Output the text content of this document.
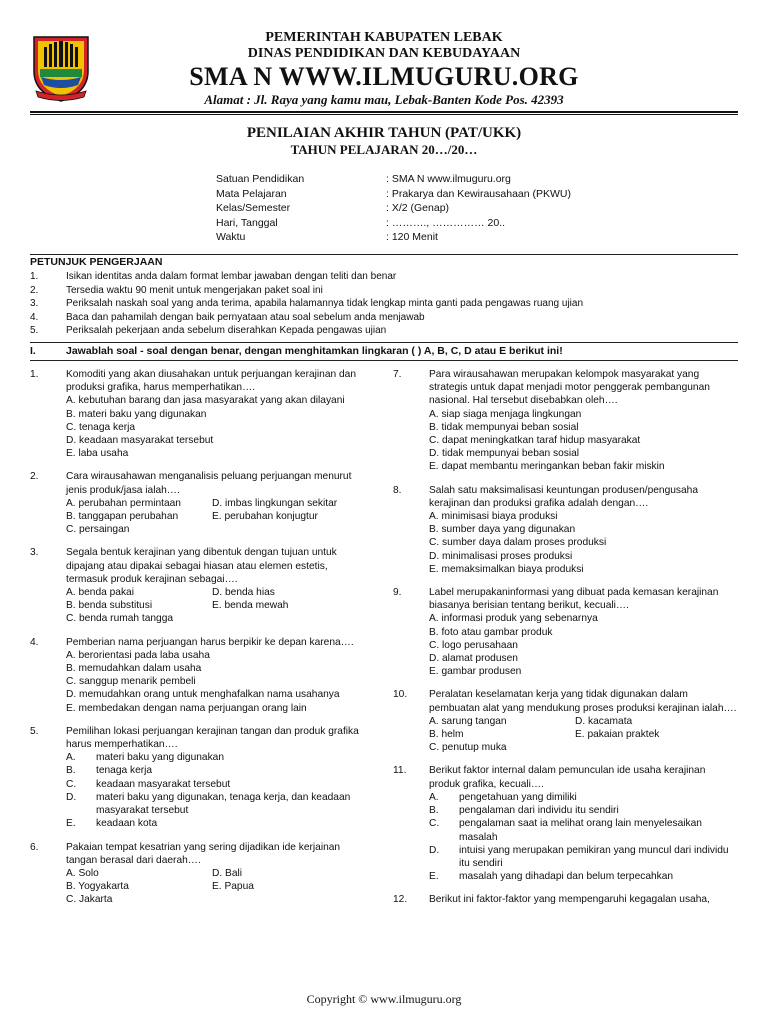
PEMERINTAH KABUPATEN LEBAK
DINAS PENDIDIKAN DAN KEBUDAYAAN
SMA N WWW.ILMUGURU.ORG
Alamat : Jl. Raya yang kamu mau, Lebak-Banten Kode Pos. 42393
PENILAIAN AKHIR TAHUN (PAT/UKK)
TAHUN PELAJARAN 20…/20…
Satuan Pendidikan	: SMA N www.ilmuguru.org
Mata Pelajaran	: Prakarya dan Kewirausahaan (PKWU)
Kelas/Semester	: X/2 (Genap)
Hari, Tanggal	: ………., …………… 20..
Waktu	: 120 Menit
PETUNJUK PENGERJAAN
1.	Isikan identitas anda dalam format lembar jawaban dengan teliti dan benar
2.	Tersedia waktu 90 menit untuk mengerjakan paket soal ini
3.	Periksalah naskah soal yang anda terima, apabila halamannya tidak lengkap minta ganti pada pengawas ruang ujian
4.	Baca dan pahamilah dengan baik pernyataan atau soal sebelum anda menjawab
5.	Periksalah pekerjaan anda sebelum diserahkan Kepada pengawas ujian
I.	Jawablah soal - soal dengan benar, dengan menghitamkan lingkaran ( ) A, B, C, D atau E berikut ini!
1.	Komoditi yang akan diusahakan untuk perjuangan kerajinan dan produksi grafika, harus memperhatikan….
A. kebutuhan barang dan jasa masyarakat yang akan dilayani
B. materi baku yang digunakan
C. tenaga kerja
D. keadaan masyarakat tersebut
E. laba usaha
2.	Cara wirausahawan menganalisis peluang perjuangan menurut jenis produk/jasa ialah….
A. perubahan permintaan	D. imbas lingkungan sekitar
B. tanggapan perubahan	E. perubahan konjugtur
C. persaingan
3.	Segala bentuk kerajinan yang dibentuk dengan tujuan untuk dipajang atau dipakai sebagai hiasan atau elemen estetis, termasuk produk kerajinan sebagai….
A. benda pakai	D. benda hias
B. benda substitusi	E. benda mewah
C. benda rumah tangga
4.	Pemberian nama perjuangan harus berpikir ke depan karena….
A. berorientasi pada laba usaha
B. memudahkan dalam usaha
C. sanggup menarik pembeli
D. memudahkan orang untuk menghafalkan nama usahanya
E. membedakan dengan nama perjuangan orang lain
5.	Pemilihan lokasi perjuangan kerajinan tangan dan produk grafika harus memperhatikan….
A.	materi baku yang digunakan
B.	tenaga kerja
C.	keadaan masyarakat tersebut
D.	materi baku yang digunakan, tenaga kerja, dan keadaan masyarakat tersebut
E.	keadaan kota
6.	Pakaian tempat kesatrian yang sering dijadikan ide kerjainan tangan berasal dari daerah….
A. Solo	D. Bali
B. Yogyakarta	E. Papua
C. Jakarta
7.	Para wirausahawan merupakan kelompok masyarakat yang strategis untuk dapat menjadi motor penggerak pembangunan nasional. Hal tersebut disebabkan oleh….
A. siap siaga menjaga lingkungan
B. tidak mempunyai beban sosial
C. dapat meningkatkan taraf hidup masyarakat
D. tidak mempunyai beban sosial
E. dapat membantu meringankan beban fakir miskin
8.	Salah satu maksimalisasi keuntungan produsen/pengusaha kerajinan dan produksi grafika adalah dengan….
A. minimisasi biaya produksi
B. sumber daya yang digunakan
C. sumber daya dalam proses produksi
D. minimalisasi proses produksi
E. memaksimalkan biaya produksi
9.	Label merupakaninformasi yang dibuat pada kemasan kerajinan biasanya berisian tentang berikut, kecuali….
A. informasi produk yang sebenarnya
B. foto atau gambar produk
C. logo perusahaan
D. alamat produsen
E. gambar produsen
10.	Peralatan keselamatan kerja yang tidak digunakan dalam pembuatan alat yang mendukung proses produksi kerajinan ialah….
A. sarung tangan	D. kacamata
B. helm	E. pakaian praktek
C. penutup muka
11.	Berikut faktor internal dalam pemunculan ide usaha kerajinan produk grafika, kecuali….
A.	pengetahuan yang dimiliki
B.	pengalaman dari individu itu sendiri
C.	pengalaman saat ia melihat orang lain menyelesaikan masalah
D.	intuisi yang merupakan pemikiran yang muncul dari individu itu sendiri
E.	masalah yang dihadapi dan belum terpecahkan
12.	Berikut ini faktor-faktor yang mempengaruhi kegagalan usaha,
Copyright © www.ilmuguru.org
